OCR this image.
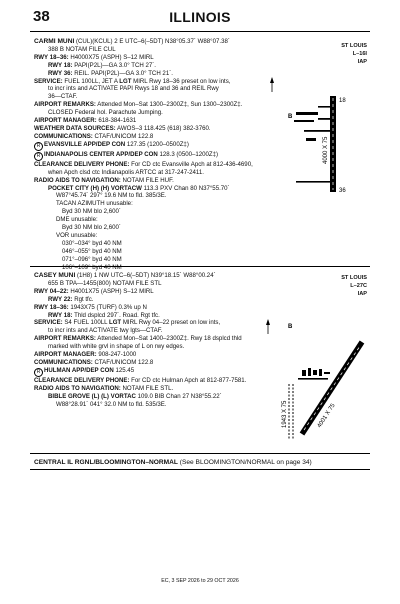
38	ILLINOIS
CARMI MUNI (CUL)(KCUL) 2 E UTC–6(–5DT) N38°05.37´ W88°07.38´
388 B NOTAM FILE CUL
RWY 18–36: H4000X75 (ASPH) S–12 MIRL
RWY 18: PAPI(P2L)—GA 3.0° TCH 27´.
RWY 36: REIL. PAPI(P2L)—GA 3.0° TCH 21´.
SERVICE: FUEL 100LL, JET A LGT MIRL Rwy 18–36 preset on low ints,
to incr ints and ACTIVATE PAPI Rwys 18 and 36 and REIL Rwy
36—CTAF.
AIRPORT REMARKS: Attended Mon–Sat 1300–2300Z‡, Sun 1300–2300Z‡.
CLOSED Federal hol. Parachute Jumping.
AIRPORT MANAGER: 618-384-1631
WEATHER DATA SOURCES: AWOS–3 118.425 (618) 382-3760.
COMMUNICATIONS: CTAF/UNICOM 122.8
R EVANSVILLE APP/DEP CON 127.35 (1200–0500Z‡)
R INDIANAPOLIS CENTER APP/DEP CON 128.3 (0500–1200Z‡)
CLEARANCE DELIVERY PHONE: For CD ctc Evansville Apch at 812-436-4690,
when Apch clsd ctc Indianapolis ARTCC at 317-247-2411.
RADIO AIDS TO NAVIGATION: NOTAM FILE HUF.
POCKET CITY (H) (H) VORTACW 113.3 PXV Chan 80 N37°55.70´
W87°45.74´ 297° 19.6 NM to fld. 385/3E.
TACAN AZIMUTH unusable:
Byd 30 NM blo 2,600´
DME unusable:
Byd 30 NM blo 2,600´
VOR unusable:
030°–034° byd 40 NM
046°–055° byd 40 NM
071°–096° byd 40 NM
106°–109° byd 40 NM
ST LOUIS
L–16I
IAP
18
36
4000 X 75
B
CASEY MUNI (1H8) 1 NW UTC–6(–5DT) N39°18.15´ W88°00.24´
655 B TPA—1455(800) NOTAM FILE STL
RWY 04–22: H4001X75 (ASPH) S–12 MIRL
RWY 22: Rgt tfc.
RWY 18–36: 1943X75 (TURF) 0.3% up N
RWY 18: Thld dsplcd 297´. Road. Rgt tfc.
SERVICE: S4 FUEL 100LL LGT MIRL Rwy 04–22 preset on low ints,
to incr ints and ACTIVATE twy lgts—CTAF.
AIRPORT REMARKS: Attended Mon–Sat 1400–2300Z‡. Rwy 18 dsplcd thld
marked with white grvl in shape of L on rwy edges.
AIRPORT MANAGER: 908-247-1000
COMMUNICATIONS: CTAF/UNICOM 122.8
R HULMAN APP/DEP CON 125.45
CLEARANCE DELIVERY PHONE: For CD ctc Hulman Apch at 812-877-7581.
RADIO AIDS TO NAVIGATION: NOTAM FILE STL.
BIBLE GROVE (L) (L) VORTAC 109.0 BIB Chan 27 N38°55.22´
W88°28.91´ 041° 32.0 NM to fld. 535/3E.
ST LOUIS
L–27C
IAP
1943 X 75	4001 X 75
B
CENTRAL IL RGNL/BLOOMINGTON–NORMAL (See BLOOMINGTON/NORMAL on page 34)
EC, 3 SEP 2026 to 29 OCT 2026
